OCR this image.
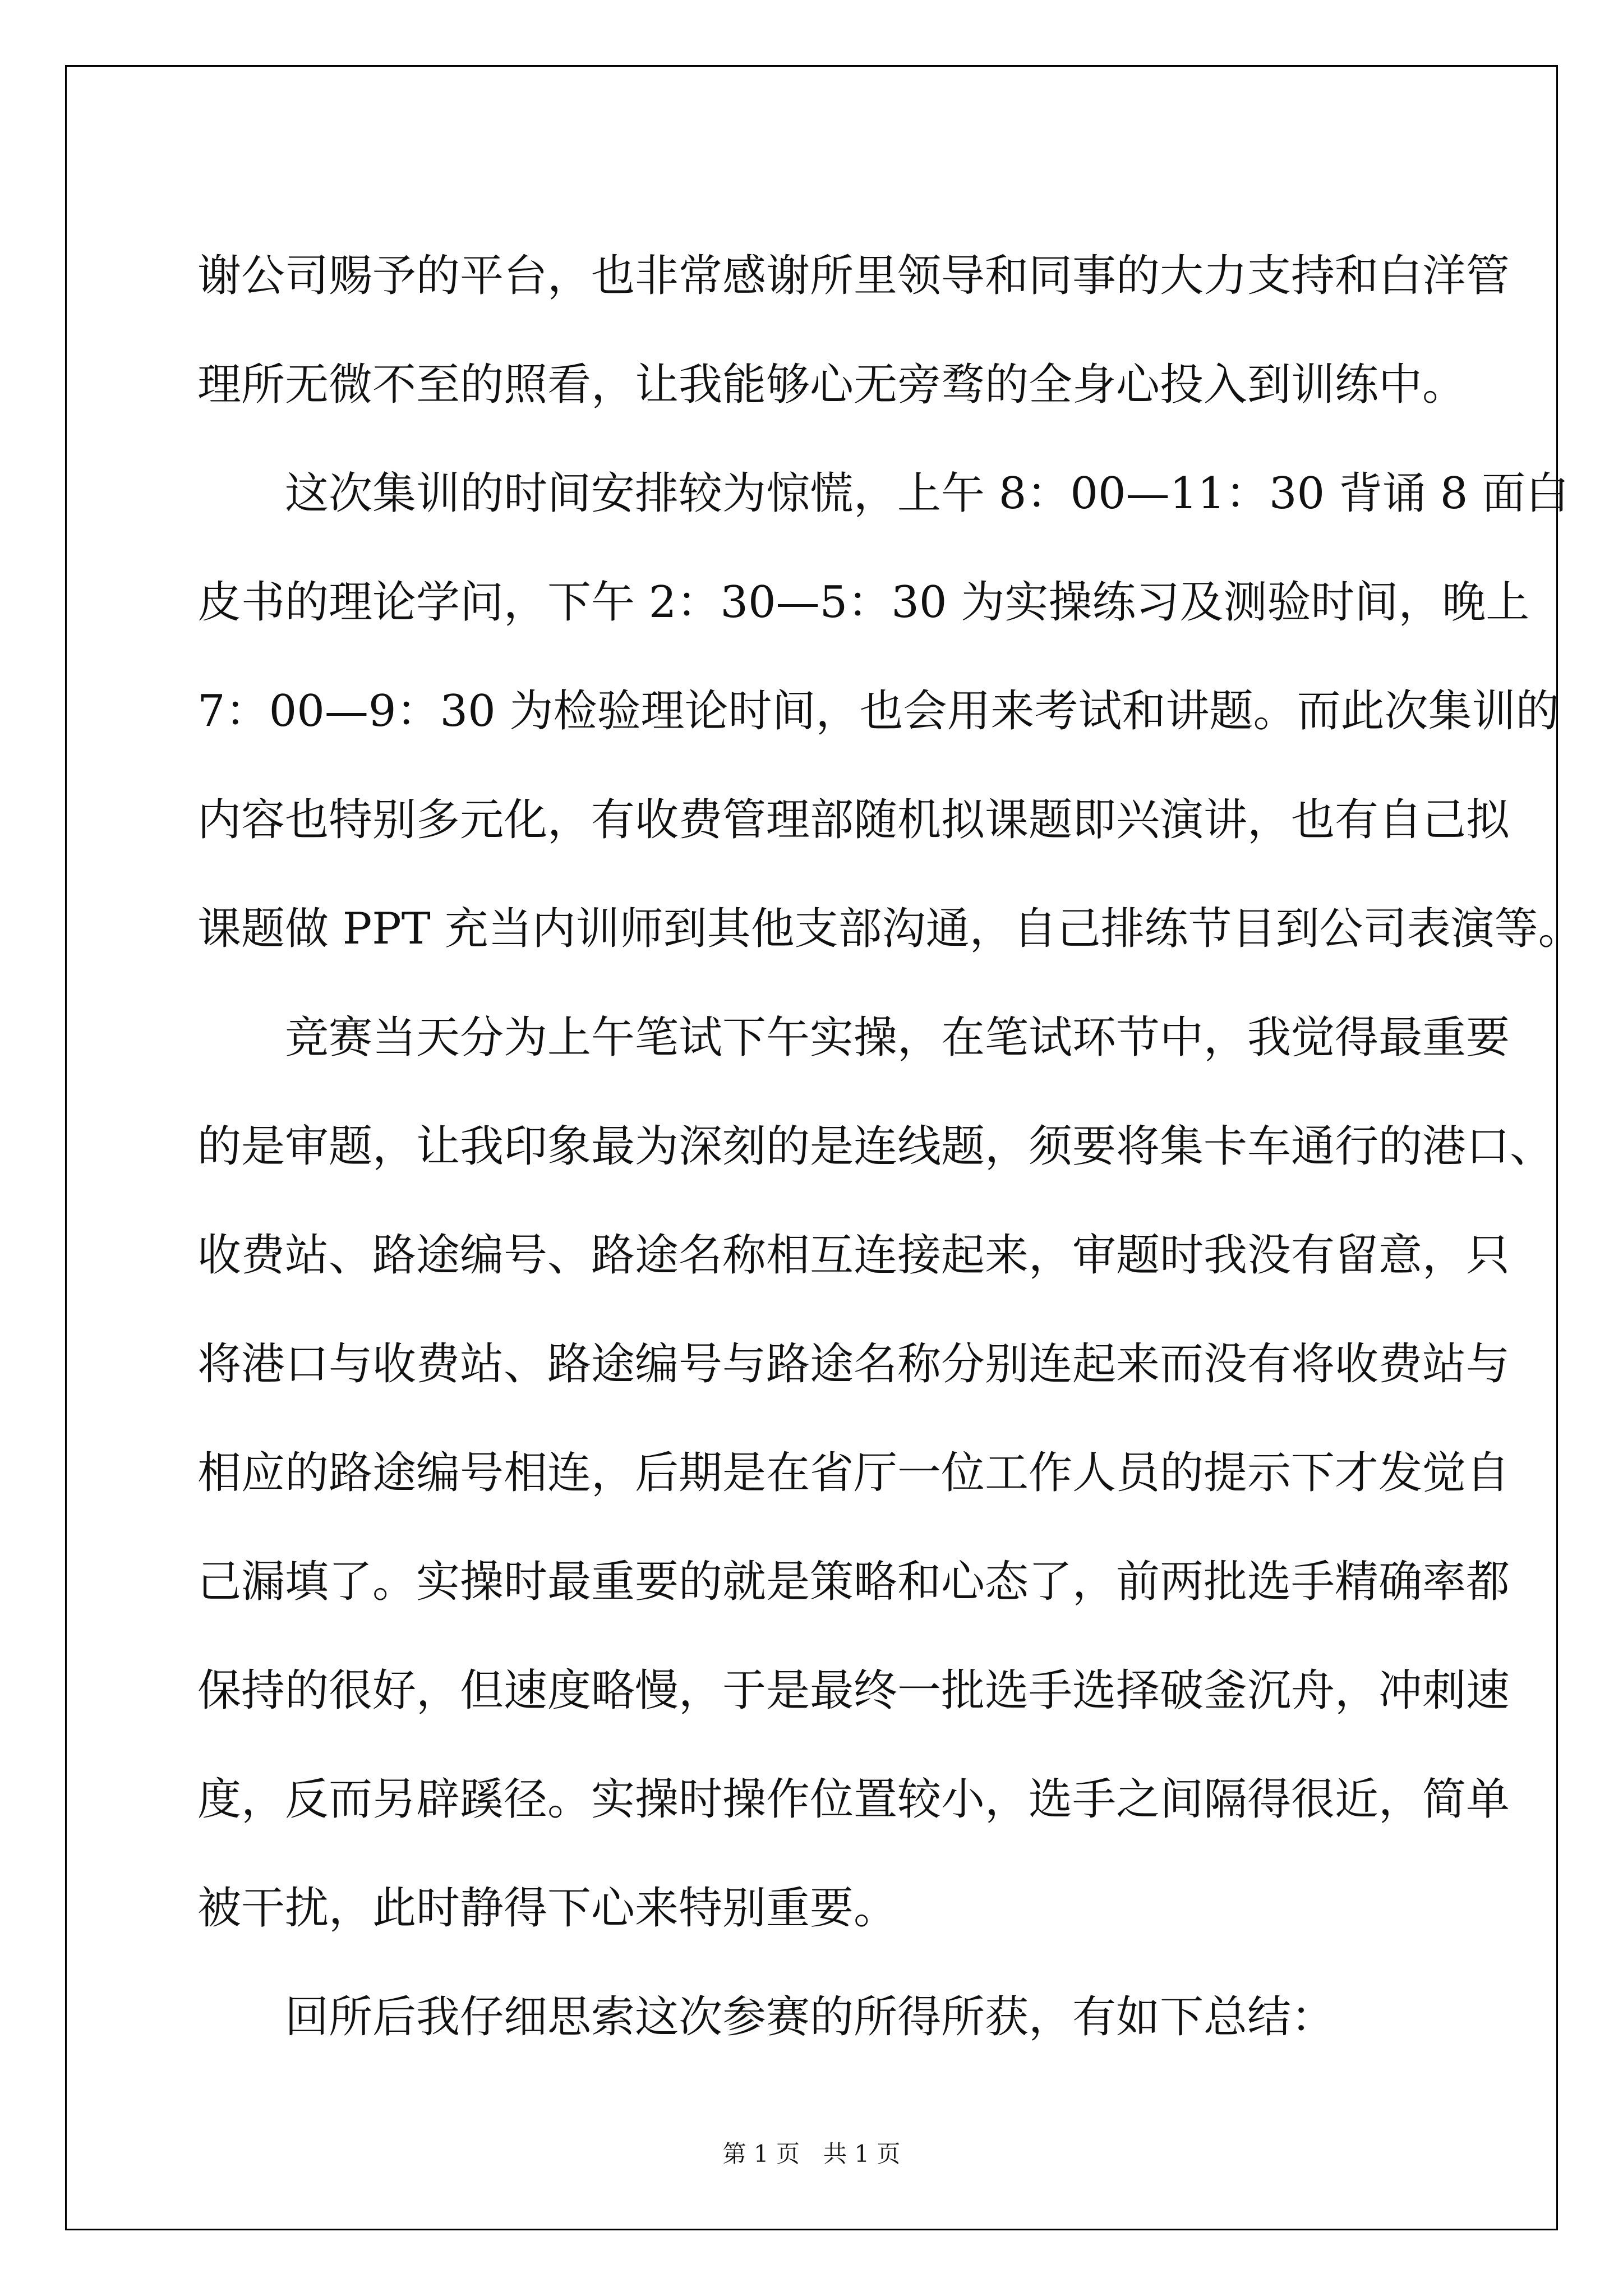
谢公司赐予的平台，也非常感谢所里领导和同事的大力支持和白洋管
理所无微不至的照看，让我能够心无旁骛的全身心投入到训练中。
这次集训的时间安排较为惊慌，上午 8：00—11：30 背诵 8 面白
皮书的理论学问，下午 2：30—5：30 为实操练习及测验时间，晚上
7：00—9：30 为检验理论时间，也会用来考试和讲题。而此次集训的
内容也特别多元化，有收费管理部随机拟课题即兴演讲，也有自己拟
课题做 PPT 充当内训师到其他支部沟通，自己排练节目到公司表演等。
竞赛当天分为上午笔试下午实操，在笔试环节中，我觉得最重要
的是审题，让我印象最为深刻的是连线题，须要将集卡车通行的港口、
收费站、路途编号、路途名称相互连接起来，审题时我没有留意，只
将港口与收费站、路途编号与路途名称分别连起来而没有将收费站与
相应的路途编号相连，后期是在省厅一位工作人员的提示下才发觉自
己漏填了。实操时最重要的就是策略和心态了，前两批选手精确率都
保持的很好，但速度略慢，于是最终一批选手选择破釜沉舟，冲刺速
度，反而另辟蹊径。实操时操作位置较小，选手之间隔得很近，简单
被干扰，此时静得下心来特别重要。
回所后我仔细思索这次参赛的所得所获，有如下总结：
第 1 页　共 1 页
